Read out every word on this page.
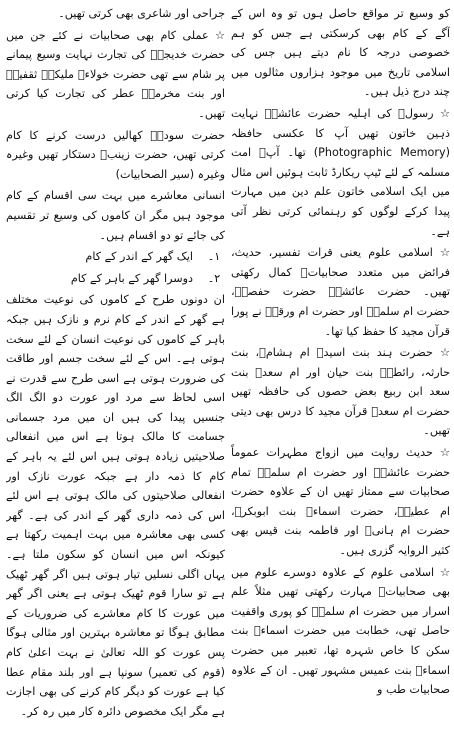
کو وسیع تر مواقع حاصل ہوں تو وہ اس کے آگے کے کام بھی کرسکتی ہے جس کو ہم خصوصی درجہ کا نام دیتے ہیں جس کی اسلامی تاریخ میں موجود ہزاروں مثالوں میں چند درج ذیل ہیں۔

☆ رسولؐ کی اہلیہ حضرت عائشہؓ نہایت ذہین خاتون تھیں آپ کا عکسی حافظہ (Photographic Memory) تھا۔ آپؓ امت مسلمہ کے لئے ٹیپ ریکارڈ ثابت ہوئیں اس مثال میں ایک اسلامی خاتون علم دین میں مہارت پیدا کرکے لوگوں کو رہنمائی کرتی نظر آتی ہے۔

☆ اسلامی علوم یعنی قرات تفسیر، حدیث، فرائض میں متعدد صحابیاتؓ کمال رکھتی تھیں۔ حضرت عائشہؓ حضرت حفصہؓ، حضرت ام سلمہؓ اور حضرت ام ورقہؓ نے پورا قرآن مجید کا حفظ کیا تھا۔

☆ حضرت ہند بنت اسیدؓ ام ہشامؓ، بنت حارثہ، رائطہؓ بنت حیان اور ام سعدؓ بنت سعد ابن ربیع بعض حصوں کی حافظہ تھیں حضرت ام سعدؓ قرآن مجید کا درس بھی دیتی تھیں۔

☆ حدیث روایت میں ازواج مطہرات عموماً حضرت عائشہؓ اور حضرت ام سلمہؓ تمام صحابیات سے ممتاز تھیں ان کے علاوہ حضرت ام عطیہؓ، حضرت اسماءؓ بنت ابوبکرؓ، حضرت ام ہانیؓ اور فاطمہ بنت قیس بھی کثیر الروایہ گزری ہیں۔

☆ اسلامی علوم کے علاوہ دوسرے علوم میں بھی صحابیاتؓ مہارت رکھتی تھیں مثلاً علم اسرار میں حضرت ام سلمہؓ کو پوری واقفیت حاصل تھی، خطابت میں حضرت اسماءؓ بنت سکن کا خاص شہرہ تھا، تعبیر میں حضرت اسماءؓ بنت عمیس مشہور تھیں۔ ان کے علاوہ صحابیات طب و

جراحی اور شاعری بھی کرتی تھیں۔

☆ عملی کام بھی صحابیات نے کئے جن میں حضرت خدیجہؓ کی تجارت نہایت وسیع پیمانے پر شام سے تھی حضرت خولاءؓ ملیکہؓ ثقفیہؓ اور بنت مخرمہؓ عطر کی تجارت کیا کرتی تھیں۔

حضرت سودہؓ کھالیں درست کرنے کا کام کرتی تھیں، حضرت زینبؓ دستکار تھیں وغیرہ وغیرہ (سیر الصحابیات)

انسانی معاشرے میں بہت سی اقسام کے کام موجود ہیں مگر ان کاموں کی وسیع تر تقسیم کی جائے تو دو اقسام ہیں۔

۱۔
ایک گھر کے اندر کے کام
۲۔
دوسرا گھر کے باہر کے کام

ان دونوں طرح کے کاموں کی نوعیت مختلف ہے گھر کے اندر کے کام نرم و نازک ہیں جبکہ باہر کے کاموں کی نوعیت انسان کے لئے سخت ہوتی ہے۔ اس کے لئے سخت جسم اور طاقت کی ضرورت ہوتی ہے اسی طرح سے قدرت نے اسی لحاظ سے مرد اور عورت دو الگ الگ جنسیں پیدا کی ہیں ان میں مرد جسمانی جسامت کا مالک ہوتا ہے اس میں انفعالی صلاحیتیں زیادہ ہوتی ہیں اس لئے یہ باہر کے کام کا ذمہ دار ہے جبکہ عورت نازک اور انفعالی صلاحیتوں کی مالک ہوتی ہے اس لئے اس کی ذمہ داری گھر کے اندر کی ہے۔ گھر کسی بھی معاشرہ میں بہت اہمیت رکھتا ہے کیونکہ اس میں انسان کو سکون ملتا ہے۔ یہاں اگلی نسلیں تیار ہوتی ہیں اگر گھر ٹھیک ہے تو سارا قوم ٹھیک ہوتی ہے یعنی اگر گھر میں عورت کا کام معاشرے کی ضروریات کے مطابق ہوگا تو معاشرہ بہترین اور مثالی ہوگا پس عورت کو اللہ تعالیٰ نے بہت اعلیٰ کام (قوم کی تعمیر) سونپا ہے اور بلند مقام عطا کیا ہے عورت کو دیگر کام کرنے کی بھی اجازت ہے مگر ایک مخصوص دائرہ کار میں رہ کر۔
